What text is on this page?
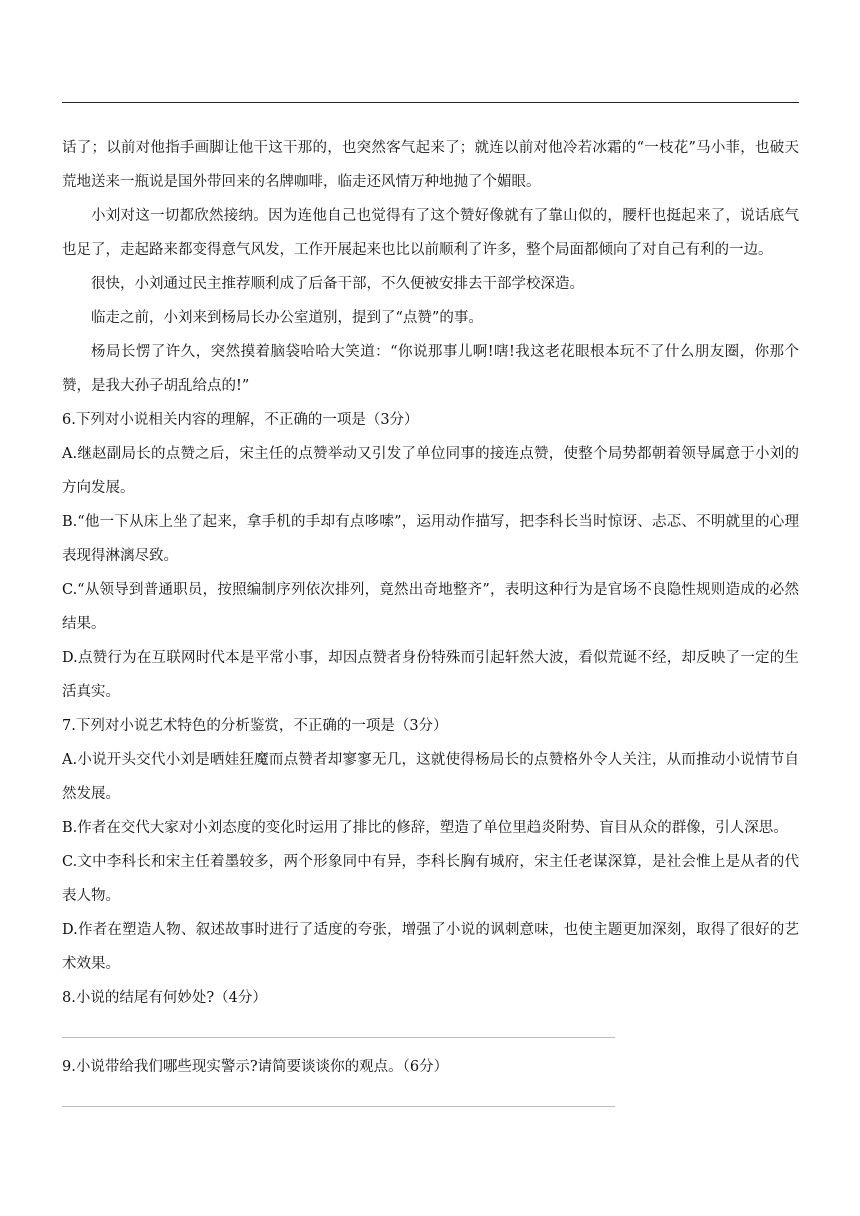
话了；以前对他指手画脚让他干这干那的，也突然客气起来了；就连以前对他冷若冰霜的“一枝花”马小菲，也破天荒地送来一瓶说是国外带回来的名牌咖啡，临走还风情万种地抛了个媚眼。

小刘对这一切都欣然接纳。因为连他自己也觉得有了这个赞好像就有了靠山似的，腰杆也挺起来了，说话底气也足了，走起路来都变得意气风发，工作开展起来也比以前顺利了许多，整个局面都倾向了对自己有利的一边。

很快，小刘通过民主推荐顺利成了后备干部，不久便被安排去干部学校深造。

临走之前，小刘来到杨局长办公室道别，提到了“点赞”的事。

杨局长愣了许久，突然摸着脑袋哈哈大笑道：“你说那事儿啊!嗐!我这老花眼根本玩不了什么朋友圈，你那个赞，是我大孙子胡乱给点的!”

6.下列对小说相关内容的理解，不正确的一项是（3分）

A.继赵副局长的点赞之后，宋主任的点赞举动又引发了单位同事的接连点赞，使整个局势都朝着领导属意于小刘的方向发展。

B.“他一下从床上坐了起来，拿手机的手却有点哆嗦”，运用动作描写，把李科长当时惊讶、忐忑、不明就里的心理表现得淋漓尽致。

C.“从领导到普通职员，按照编制序列依次排列，竟然出奇地整齐”，表明这种行为是官场不良隐性规则造成的必然结果。

D.点赞行为在互联网时代本是平常小事，却因点赞者身份特殊而引起轩然大波，看似荒诞不经，却反映了一定的生活真实。

7.下列对小说艺术特色的分析鉴赏，不正确的一项是（3分）

A.小说开头交代小刘是晒娃狂魔而点赞者却寥寥无几，这就使得杨局长的点赞格外令人关注，从而推动小说情节自然发展。

B.作者在交代大家对小刘态度的变化时运用了排比的修辞，塑造了单位里趋炎附势、盲目从众的群像，引人深思。

C.文中李科长和宋主任着墨较多，两个形象同中有异，李科长胸有城府，宋主任老谋深算，是社会惟上是从者的代表人物。

D.作者在塑造人物、叙述故事时进行了适度的夸张，增强了小说的讽刺意味，也使主题更加深刻，取得了很好的艺术效果。

8.小说的结尾有何妙处?（4分）

9.小说带给我们哪些现实警示?请简要谈谈你的观点。（6分）
